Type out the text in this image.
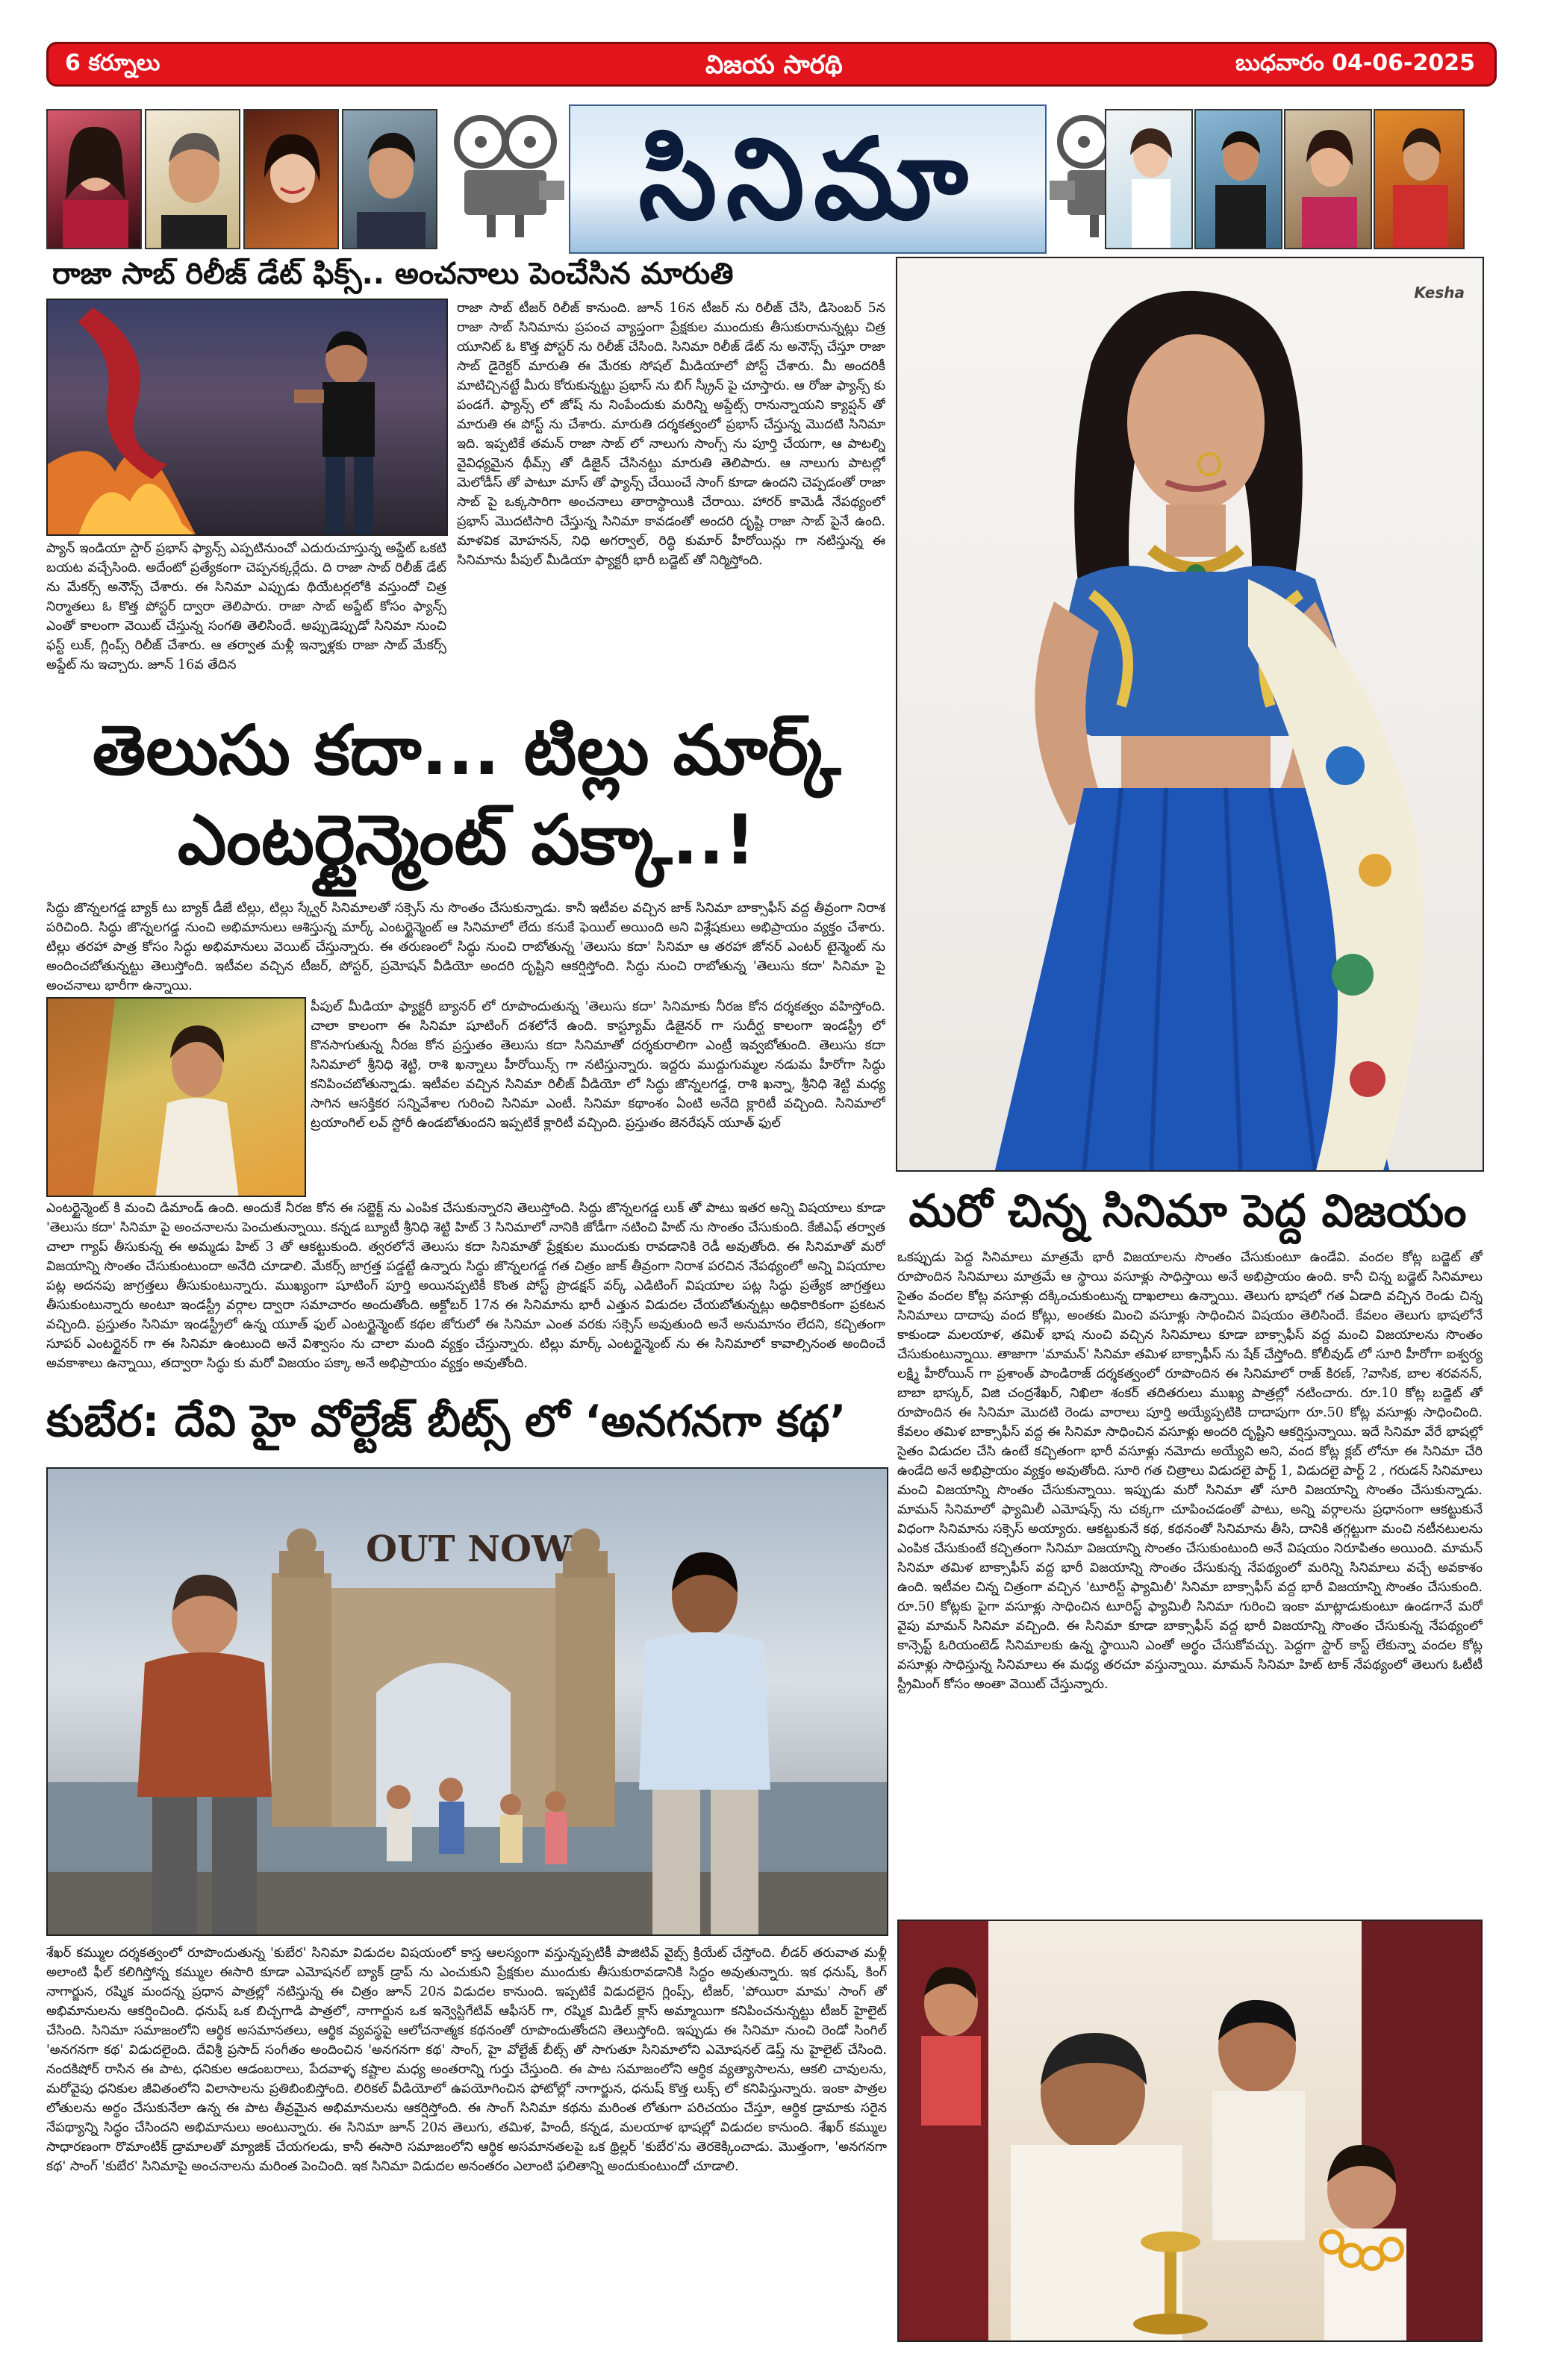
6 కర్నూలు	విజయ సారథి	బుధవారం 04-06-2025
సినిమా
రాజా సాబ్ రిలీజ్ డేట్ ఫిక్స్.. అంచనాలు పెంచేసిన మారుతి
ప్యాన్ ఇండియా స్టార్ ప్రభాస్ ఫ్యాన్స్ ఎప్పటినుంచో ఎదురుచూస్తున్న అప్డేట్ ఒకటి బయట వచ్చేసింది. అదేంటో ప్రత్యేకంగా చెప్పనక్కర్లేదు. ది రాజా సాబ్ రిలీజ్ డేట్ ను మేకర్స్ అనౌన్స్ చేశారు. ఈ సినిమా ఎప్పుడు థియేటర్లలోకి వస్తుందో చిత్ర నిర్మాతలు ఓ కొత్త పోస్టర్ ద్వారా తెలిపారు. రాజా సాబ్ అప్డేట్ కోసం ఫ్యాన్స్ ఎంతో కాలంగా వెయిట్ చేస్తున్న సంగతి తెలిసిందే. అప్పుడెప్పుడో సినిమా నుంచి ఫస్ట్ లుక్, గ్లింప్స్ రిలీజ్ చేశారు. ఆ తర్వాత మళ్లీ ఇన్నాళ్లకు రాజా సాబ్ మేకర్స్ అప్డేట్ ను ఇచ్చారు. జూన్ 16వ తేదిన
రాజా సాబ్ టీజర్ రిలీజ్ కానుంది. జూన్ 16న టీజర్ ను రిలీజ్ చేసి, డిసెంబర్ 5న రాజా సాబ్ సినిమాను ప్రపంచ వ్యాప్తంగా ప్రేక్షకుల ముందుకు తీసుకురానున్నట్లు చిత్ర యూనిట్ ఓ కొత్త పోస్టర్ ను రిలీజ్ చేసింది. సినిమా రిలీజ్ డేట్ ను అనౌన్స్ చేస్తూ రాజా సాబ్ డైరెక్టర్ మారుతి ఈ మేరకు సోషల్ మీడియాలో పోస్ట్ చేశారు. మీ అందరికీ మాటిచ్చినట్టే మీరు కోరుకున్నట్టు ప్రభాస్ ను బిగ్ స్క్రీన్ పై చూస్తారు. ఆ రోజు ఫ్యాన్స్ కు పండగే. ఫ్యాన్స్ లో జోష్ ను నింపేందుకు మరిన్ని అప్డేట్స్ రానున్నాయని క్యాప్షన్ తో మారుతి ఈ పోస్ట్ ను చేశారు. మారుతి దర్శకత్వంలో ప్రభాస్ చేస్తున్న మొదటి సినిమా ఇది. ఇప్పటికే తమన్ రాజా సాబ్ లో నాలుగు సాంగ్స్ ను పూర్తి చేయగా, ఆ పాటల్ని వైవిధ్యమైన థీమ్స్ తో డిజైన్ చేసినట్టు మారుతి తెలిపారు. ఆ నాలుగు పాటల్లో మెలోడీస్ తో పాటూ మాస్ తో ఫ్యాన్స్ చేయించే సాంగ్ కూడా ఉందని చెప్పడంతో రాజా సాబ్ పై ఒక్కసారిగా అంచనాలు తారాస్థాయికి చేరాయి. హారర్ కామెడీ నేపథ్యంలో ప్రభాస్ మొదటిసారి చేస్తున్న సినిమా కావడంతో అందరి దృష్టి రాజా సాబ్ పైనే ఉంది. మాళవిక మోహనన్, నిధి అగర్వాల్, రిద్ధి కుమార్ హీరోయిన్లు గా నటిస్తున్న ఈ సినిమాను పీపుల్ మీడియా ఫ్యాక్టరీ భారీ బడ్జెట్ తో నిర్మిస్తోంది.
తెలుసు కదా... టిల్లు మార్క్
ఎంటర్టైన్మెంట్ పక్కా..!
సిద్ధు జొన్నలగడ్డ బ్యాక్ టు బ్యాక్ డీజే టిల్లు, టిల్లు స్క్వేర్ సినిమాలతో సక్సెస్ ను సొంతం చేసుకున్నాడు. కానీ ఇటీవల వచ్చిన జాక్ సినిమా బాక్సాఫీస్ వద్ద తీవ్రంగా నిరాశ పరిచింది. సిద్ధు జొన్నలగడ్డ నుంచి అభిమానులు ఆశిస్తున్న మార్క్ ఎంటర్టైన్మెంట్ ఆ సినిమాలో లేదు కనుకే ఫెయిల్ అయింది అని విశ్లేషకులు అభిప్రాయం వ్యక్తం చేశారు. టిల్లు తరహా పాత్ర కోసం సిద్ధు అభిమానులు వెయిట్ చేస్తున్నారు. ఈ తరుణంలో సిద్ధు నుంచి రాబోతున్న 'తెలుసు కదా' సినిమా ఆ తరహా జోనర్ ఎంటర్ టైన్మెంట్ ను అందించబోతున్నట్టు తెలుస్తోంది. ఇటీవల వచ్చిన టీజర్, పోస్టర్, ప్రమోషన్ వీడియో అందరి దృష్టిని ఆకర్షిస్తోంది. సిద్ధు నుంచి రాబోతున్న 'తెలుసు కదా' సినిమా పై అంచనాలు భారీగా ఉన్నాయి.
పీపుల్ మీడియా ఫ్యాక్టరీ బ్యానర్ లో రూపొందుతున్న 'తెలుసు కదా' సినిమాకు నీరజ కోన దర్శకత్వం వహిస్తోంది. చాలా కాలంగా ఈ సినిమా షూటింగ్ దశలోనే ఉంది. కాస్ట్యూమ్ డిజైనర్ గా సుదీర్ఘ కాలంగా ఇండస్ట్రీ లో కొనసాగుతున్న నీరజ కోన ప్రస్తుతం తెలుసు కదా సినిమాతో దర్శకురాలిగా ఎంట్రీ ఇవ్వబోతుంది. తెలుసు కదా సినిమాలో శ్రీనిధి శెట్టి, రాశి ఖన్నాలు హీరోయిన్స్ గా నటిస్తున్నారు. ఇద్దరు ముద్దుగుమ్మల నడుమ హీరోగా సిద్ధు కనిపించబోతున్నాడు. ఇటీవల వచ్చిన సినిమా రిలీజ్ వీడియో లో సిద్ధు జొన్నలగడ్డ, రాశి ఖన్నా, శ్రీనిధి శెట్టి మధ్య సాగిన ఆసక్తికర సన్నివేశాల గురించి సినిమా ఎంటీ. సినిమా కథాంశం ఏంటి అనేది క్లారిటీ వచ్చింది. సినిమాలో ట్రయాంగిల్ లవ్ స్టోరీ ఉండబోతుందని ఇప్పటికే క్లారిటీ వచ్చింది. ప్రస్తుతం జెనరేషన్ యూత్ ఫుల్
ఎంటర్టైన్మెంట్ కి మంచి డిమాండ్ ఉంది. అందుకే నీరజ కోన ఈ సబ్జెక్ట్ ను ఎంపిక చేసుకున్నారని తెలుస్తోంది. సిద్ధు జొన్నలగడ్డ లుక్ తో పాటు ఇతర అన్ని విషయాలు కూడా 'తెలుసు కదా' సినిమా పై అంచనాలను పెంచుతున్నాయి. కన్నడ బ్యూటీ శ్రీనిధి శెట్టి హిట్ 3 సినిమాలో నానికి జోడీగా నటించి హిట్ ను సొంతం చేసుకుంది. కేజీఎఫ్ తర్వాత చాలా గ్యాప్ తీసుకున్న ఈ అమ్మడు హిట్ 3 తో ఆకట్టుకుంది. త్వరలోనే తెలుసు కదా సినిమాతో ప్రేక్షకుల ముందుకు రావడానికి రెడీ అవుతోంది. ఈ సినిమాతో మరో విజయాన్ని సొంతం చేసుకుంటుందా అనేది చూడాలి. మేకర్స్ జాగ్రత్త పడ్డట్టే ఉన్నారు సిద్ధు జొన్నలగడ్డ గత చిత్రం జాక్ తీవ్రంగా నిరాశ పరచిన నేపథ్యంలో అన్ని విషయాల పట్ల అదనపు జాగ్రత్తలు తీసుకుంటున్నారు. ముఖ్యంగా షూటింగ్ పూర్తి అయినప్పటికీ కొంత పోస్ట్ ప్రొడక్షన్ వర్క్ ఎడిటింగ్ విషయాల పట్ల సిద్ధు ప్రత్యేక జాగ్రత్తలు తీసుకుంటున్నారు అంటూ ఇండస్ట్రీ వర్గాల ద్వారా సమాచారం అందుతోంది. అక్టోబర్ 17న ఈ సినిమాను భారీ ఎత్తున విడుదల చేయబోతున్నట్లు అధికారికంగా ప్రకటన వచ్చింది. ప్రస్తుతం సినిమా ఇండస్ట్రీలో ఉన్న యూత్ ఫుల్ ఎంటర్టైన్మెంట్ కథల జోరులో ఈ సినిమా ఎంత వరకు సక్సెస్ అవుతుంది అనే అనుమానం లేదని, కచ్చితంగా సూపర్ ఎంటర్టైనర్ గా ఈ సినిమా ఉంటుంది అనే విశ్వాసం ను చాలా మంది వ్యక్తం చేస్తున్నారు. టిల్లు మార్క్ ఎంటర్టైన్మెంట్ ను ఈ సినిమాలో కావాల్సినంత అందించే అవకాశాలు ఉన్నాయి, తద్వారా సిద్ధు కు మరో విజయం పక్కా అనే అభిప్రాయం వ్యక్తం అవుతోంది.
Kesha
మరో చిన్న సినిమా పెద్ద విజయం
ఒకప్పుడు పెద్ద సినిమాలు మాత్రమే భారీ విజయాలను సొంతం చేసుకుంటూ ఉండేవి. వందల కోట్ల బడ్జెట్ తో రూపొందిన సినిమాలు మాత్రమే ఆ స్థాయి వసూళ్లు సాధిస్తాయి అనే అభిప్రాయం ఉంది. కానీ చిన్న బడ్జెట్ సినిమాలు సైతం వందల కోట్ల వసూళ్లు దక్కించుకుంటున్న దాఖలాలు ఉన్నాయి. తెలుగు భాషలో గత ఏడాది వచ్చిన రెండు చిన్న సినిమాలు దాదాపు వంద కోట్లు, అంతకు మించి వసూళ్లు సాధించిన విషయం తెలిసిందే. కేవలం తెలుగు భాషలోనే కాకుండా మలయాళ, తమిళ్ భాష నుంచి వచ్చిన సినిమాలు కూడా బాక్సాఫీస్ వద్ద మంచి విజయాలను సొంతం చేసుకుంటున్నాయి. తాజాగా 'మామన్' సినిమా తమిళ బాక్సాఫీస్ ను షేక్ చేస్తోంది. కోలీవుడ్ లో సూరి హీరోగా ఐశ్వర్య లక్ష్మి హీరోయిన్ గా ప్రశాంత్ పాండిరాజ్ దర్శకత్వంలో రూపొందిన ఈ సినిమాలో రాజ్ కిరణ్, ?వాసిక, బాల శరవనన్, బాబా భాస్కర్, విజి చంద్రశేఖర్, నిఖిలా శంకర్ తదితరులు ముఖ్య పాత్రల్లో నటించారు. రూ.10 కోట్ల బడ్జెట్ తో రూపొందిన ఈ సినిమా మొదటి రెండు వారాలు పూర్తి అయ్యేప్పటికి దాదాపుగా రూ.50 కోట్ల వసూళ్లు సాధించింది. కేవలం తమిళ బాక్సాఫీస్ వద్ద ఈ సినిమా సాధించిన వసూళ్లు అందరి దృష్టిని ఆకర్షిస్తున్నాయి. ఇదే సినిమా వేరే భాషల్లో సైతం విడుదల చేసి ఉంటే కచ్చితంగా భారీ వసూళ్లు నమోదు అయ్యేవి అని, వంద కోట్ల క్లబ్ లోనూ ఈ సినిమా చేరి ఉండేది అనే అభిప్రాయం వ్యక్తం అవుతోంది. సూరి గత చిత్రాలు విడుదలై పార్ట్ 1, విడుదలై పార్ట్ 2 , గరుడన్ సినిమాలు మంచి విజయాన్ని సొంతం చేసుకున్నాయి. ఇప్పుడు మరో సినిమా తో సూరి విజయాన్ని సొంతం చేసుకున్నాడు. మామన్ సినిమాలో ఫ్యామిలీ ఎమోషన్స్ ను చక్కగా చూపించడంతో పాటు, అన్ని వర్గాలను ప్రధానంగా ఆకట్టుకునే విధంగా సినిమాను సక్సెస్ అయ్యారు. ఆకట్టుకునే కథ, కథనంతో సినిమాను తీసి, దానికి తగ్గట్టుగా మంచి నటీనటులను ఎంపిక చేసుకుంటే కచ్చితంగా సినిమా విజయాన్ని సొంతం చేసుకుంటుంది అనే విషయం నిరూపితం అయింది. మామన్ సినిమా తమిళ బాక్సాఫీస్ వద్ద భారీ విజయాన్ని సొంతం చేసుకున్న నేపథ్యంలో మరిన్ని సినిమాలు వచ్చే అవకాశం ఉంది. ఇటీవల చిన్న చిత్రంగా వచ్చిన 'టూరిస్ట్ ఫ్యామిలీ' సినిమా బాక్సాఫీస్ వద్ద భారీ విజయాన్ని సొంతం చేసుకుంది. రూ.50 కోట్లకు పైగా వసూళ్లు సాధించిన టూరిస్ట్ ఫ్యామిలీ సినిమా గురించి ఇంకా మాట్లాడుకుంటూ ఉండగానే మరో వైపు మామన్ సినిమా వచ్చింది. ఈ సినిమా కూడా బాక్సాఫీస్ వద్ద భారీ విజయాన్ని సొంతం చేసుకున్న నేపథ్యంలో కాన్సెప్ట్ ఓరియంటెడ్ సినిమాలకు ఉన్న స్థాయిని ఎంతో అర్థం చేసుకోవచ్చు. పెద్దగా స్టార్ కాస్ట్ లేకున్నా వందల కోట్ల వసూళ్లు సాధిస్తున్న సినిమాలు ఈ మధ్య తరచూ వస్తున్నాయి. మామన్ సినిమా హిట్ టాక్ నేపథ్యంలో తెలుగు ఓటీటీ స్ట్రీమింగ్ కోసం అంతా వెయిట్ చేస్తున్నారు.
కుబేర: దేవి హై వోల్టేజ్ బీట్స్ లో ‘అనగనగా కథ’
OUT NOW
శేఖర్ కమ్ముల దర్శకత్వంలో రూపొందుతున్న 'కుబేర' సినిమా విడుదల విషయంలో కాస్త ఆలస్యంగా వస్తున్నప్పటికీ పాజిటివ్ వైబ్స్ క్రియేట్ చేస్తోంది. లీడర్ తరువాత మళ్లీ అలాంటి ఫీల్ కలిగిస్తోన్న కమ్ముల ఈసారి కూడా ఎమోషనల్ బ్యాక్ డ్రాప్ ను ఎంచుకుని ప్రేక్షకుల ముందుకు తీసుకురావడానికి సిద్ధం అవుతున్నారు. ఇక ధనుష్, కింగ్ నాగార్జున, రష్మిక మందన్న ప్రధాన పాత్రల్లో నటిస్తున్న ఈ చిత్రం జూన్ 20న విడుదల కానుంది. ఇప్పటికే విడుదలైన గ్లింప్స్, టీజర్, 'పోయిరా మామ' సాంగ్ తో అభిమానులను ఆకర్షించింది. ధనుష్ ఒక బిచ్చగాడి పాత్రలో, నాగార్జున ఒక ఇన్వెస్టిగేటివ్ ఆఫీసర్ గా, రష్మిక మిడిల్ క్లాస్ అమ్మాయిగా కనిపించనున్నట్టు టీజర్ హైలైట్ చేసింది. సినిమా సమాజంలోని ఆర్థిక అసమానతలు, ఆర్థిక వ్యవస్థపై ఆలోచనాత్మక కథనంతో రూపొందుతోందని తెలుస్తోంది. ఇప్పుడు ఈ సినిమా నుంచి రెండో సింగిల్ 'అనగనగా కథ' విడుదలైంది. దేవిశ్రీ ప్రసాద్ సంగీతం అందించిన 'అనగనగా కథ' సాంగ్, హై వోల్టేజ్ బీట్స్ తో సాగుతూ సినిమాలోని ఎమోషనల్ డెప్త్ ను హైలైట్ చేసింది. నందకిషోర్ రాసిన ఈ పాట, ధనికుల ఆడంబరాలు, పేదవాళ్ళ కష్టాల మధ్య అంతరాన్ని గుర్తు చేస్తుంది. ఈ పాట సమాజంలోని ఆర్థిక వ్యత్యాసాలను, ఆకలి చావులను, మరోవైపు ధనికుల జీవితంలోని విలాసాలను ప్రతిబింబిస్తోంది. లిరికల్ వీడియోలో ఉపయోగించిన ఫోటోల్లో నాగార్జున, ధనుష్ కొత్త లుక్స్ లో కనిపిస్తున్నారు. ఇంకా పాత్రల లోతులను అర్థం చేసుకునేలా ఉన్న ఈ పాట తీవ్రమైన అభిమానులను ఆకర్షిస్తోంది. ఈ సాంగ్ సినిమా కథను మరింత లోతుగా పరిచయం చేస్తూ, ఆర్థిక డ్రామాకు సరైన నేపథ్యాన్ని సిద్ధం చేసిందని అభిమానులు అంటున్నారు. ఈ సినిమా జూన్ 20న తెలుగు, తమిళ, హిందీ, కన్నడ, మలయాళ భాషల్లో విడుదల కానుంది. శేఖర్ కమ్ముల సాధారణంగా రొమాంటిక్ డ్రామాలతో మ్యాజిక్ చేయగలడు, కానీ ఈసారి సమాజంలోని ఆర్థిక అసమానతలపై ఒక థ్రిల్లర్ 'కుబేర'ను తెరకెక్కించాడు. మొత్తంగా, 'అనగనగా కథ' సాంగ్ 'కుబేర' సినిమాపై అంచనాలను మరింత పెంచింది. ఇక సినిమా విడుదల అనంతరం ఎలాంటి ఫలితాన్ని అందుకుంటుందో చూడాలి.
